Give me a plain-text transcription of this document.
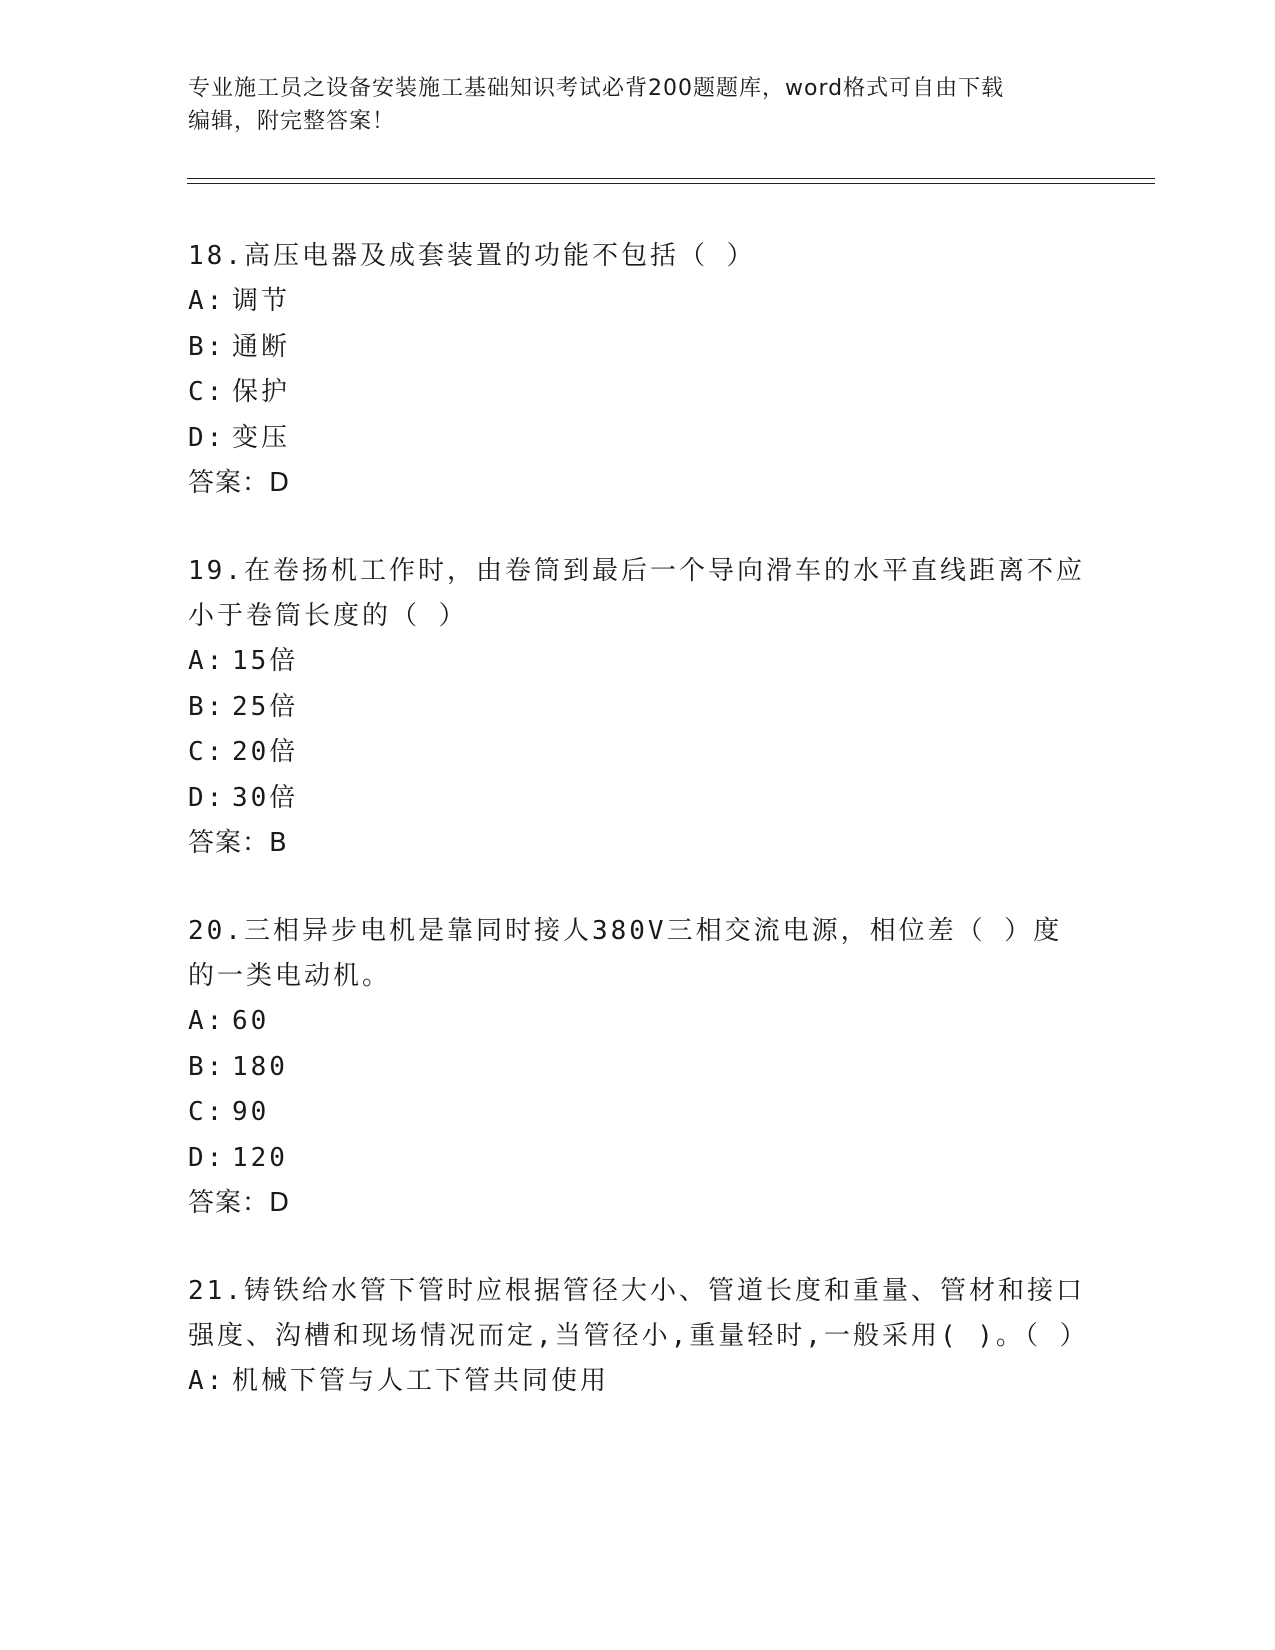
专业施工员之设备安装施工基础知识考试必背200题题库，word格式可自由下载
编辑，附完整答案！
18.高压电器及成套装置的功能不包括（ ）
A: 调节
B: 通断
C: 保护
D: 变压
答案：D
19.在卷扬机工作时，由卷筒到最后一个导向滑车的水平直线距离不应小于卷筒长度的（ ）
A: 15倍
B: 25倍
C: 20倍
D: 30倍
答案：B
20.三相异步电机是靠同时接人380V三相交流电源，相位差（ ）度的一类电动机。
A: 60
B: 180
C: 90
D: 120
答案：D
21.铸铁给水管下管时应根据管径大小、管道长度和重量、管材和接口强度、沟槽和现场情况而定,当管径小,重量轻时,一般采用( )。（ ）
A: 机械下管与人工下管共同使用
